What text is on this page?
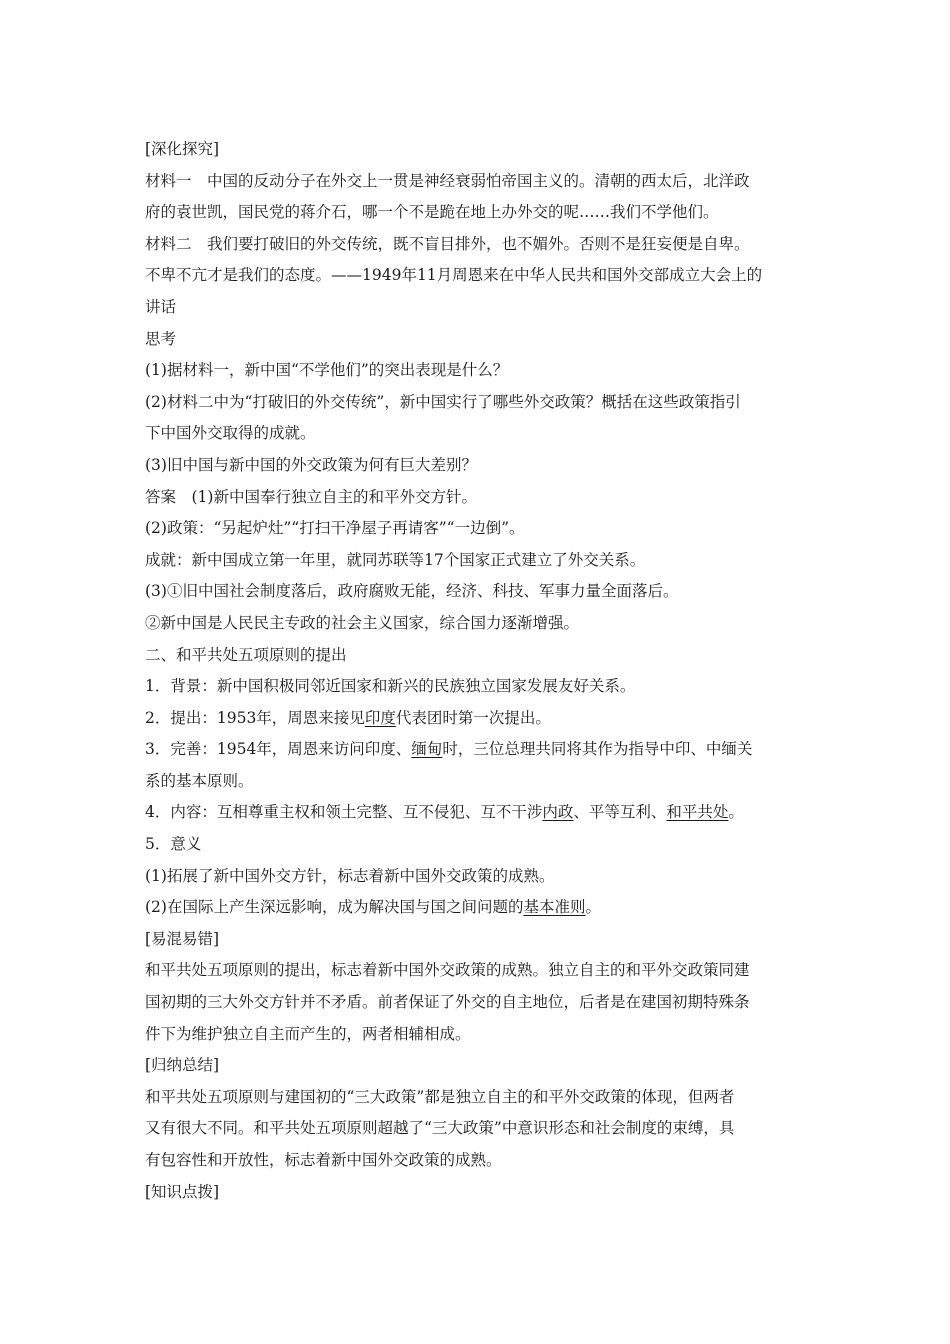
[深化探究]
材料一　中国的反动分子在外交上一贯是神经衰弱怕帝国主义的。清朝的西太后，北洋政
府的袁世凯，国民党的蒋介石，哪一个不是跪在地上办外交的呢……我们不学他们。
材料二　我们要打破旧的外交传统，既不盲目排外，也不媚外。否则不是狂妄便是自卑。
不卑不亢才是我们的态度。——1949年11月周恩来在中华人民共和国外交部成立大会上的
讲话
思考
(1)据材料一，新中国“不学他们”的突出表现是什么？
(2)材料二中为“打破旧的外交传统”，新中国实行了哪些外交政策？概括在这些政策指引
下中国外交取得的成就。
(3)旧中国与新中国的外交政策为何有巨大差别？
答案　(1)新中国奉行独立自主的和平外交方针。
(2)政策：“另起炉灶”“打扫干净屋子再请客”“一边倒”。
成就：新中国成立第一年里，就同苏联等17个国家正式建立了外交关系。
(3)①旧中国社会制度落后，政府腐败无能，经济、科技、军事力量全面落后。
②新中国是人民民主专政的社会主义国家，综合国力逐渐增强。
二、和平共处五项原则的提出
1．背景：新中国积极同邻近国家和新兴的民族独立国家发展友好关系。
2．提出：1953年，周恩来接见印度代表团时第一次提出。
3．完善：1954年，周恩来访问印度、缅甸时，三位总理共同将其作为指导中印、中缅关
系的基本原则。
4．内容：互相尊重主权和领土完整、互不侵犯、互不干涉内政、平等互利、和平共处。
5．意义
(1)拓展了新中国外交方针，标志着新中国外交政策的成熟。
(2)在国际上产生深远影响，成为解决国与国之间问题的基本准则。
[易混易错]
和平共处五项原则的提出，标志着新中国外交政策的成熟。独立自主的和平外交政策同建
国初期的三大外交方针并不矛盾。前者保证了外交的自主地位，后者是在建国初期特殊条
件下为维护独立自主而产生的，两者相辅相成。
[归纳总结]
和平共处五项原则与建国初的“三大政策”都是独立自主的和平外交政策的体现，但两者
又有很大不同。和平共处五项原则超越了“三大政策”中意识形态和社会制度的束缚，具
有包容性和开放性，标志着新中国外交政策的成熟。
[知识点拨]
